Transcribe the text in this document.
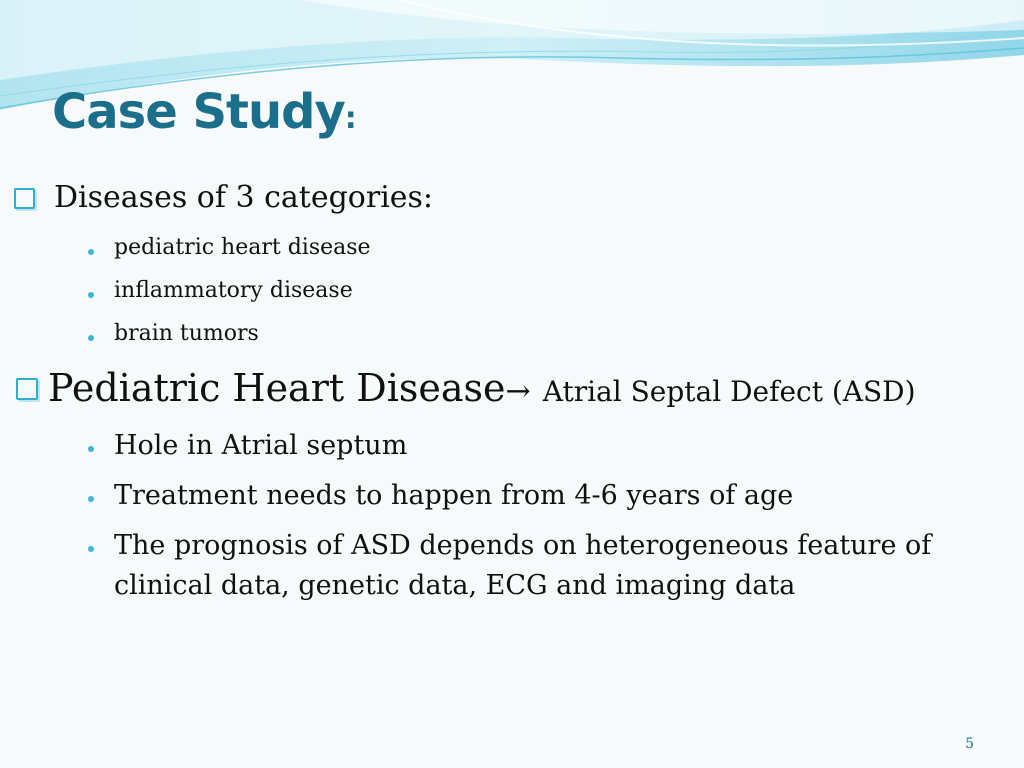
Case Study:
Diseases of 3 categories:
pediatric heart disease
inflammatory disease
brain tumors
Pediatric Heart Disease→ Atrial Septal Defect (ASD)
Hole in Atrial septum
Treatment needs to happen from 4-6 years of age
The prognosis of ASD depends on heterogeneous feature of
clinical data, genetic data, ECG and imaging data
5
